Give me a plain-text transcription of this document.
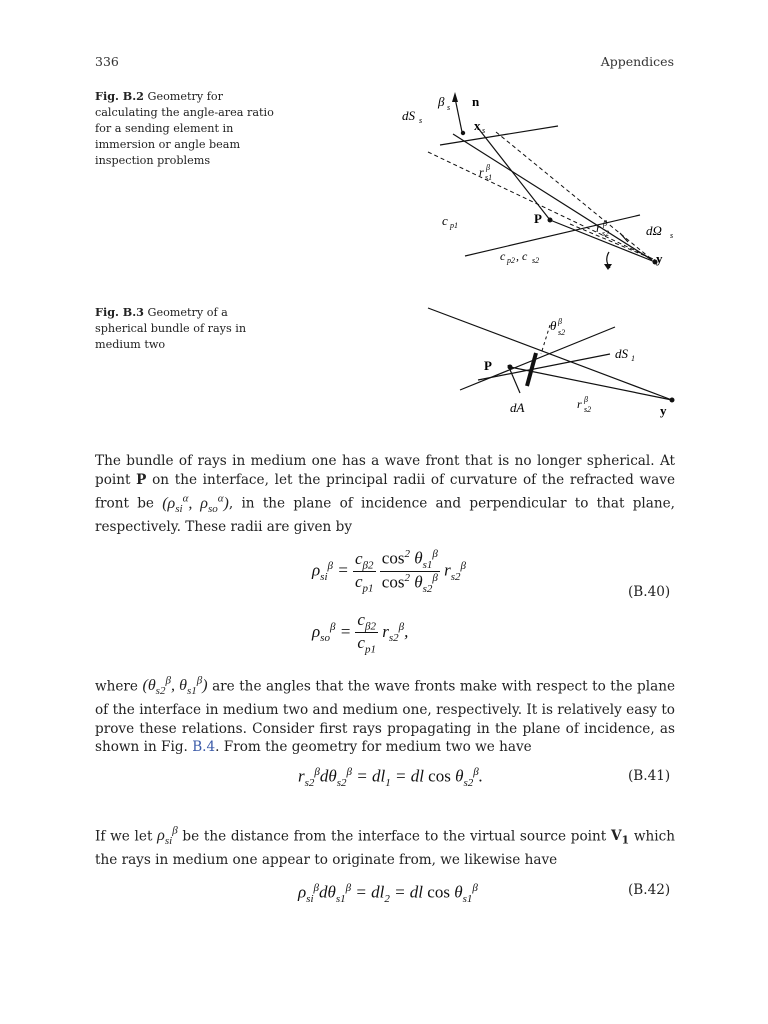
336	Appendices
Fig. B.2 Geometry for calculating the angle-area ratio for a sending element in immersion or angle beam inspection problems
β s n
dS s	x s
r β
s1
c p1	P
r β
s2	dΩ s
c p2 , c s2	y
Fig. B.3 Geometry of a spherical bundle of rays in medium two
θ β
s2
dS 1
P
dA	r β
s2	y

The bundle of rays in medium one has a wave front that is no longer spherical. At point P on the interface, let the principal radii of curvature of the refracted wave front be ($\rho_{si}^\alpha$, $\rho_{so}^\alpha$), in the plane of incidence and perpendicular to that plane, respectively. These radii are given by

$\rho_{si}^\beta = \frac{c_{\beta 2}}{c_{p1}}$
$\frac{\cos^2 \theta_{s1}^\beta}{\cos^2 \theta_{s2}^\beta} r_{s2}^\beta$
$\rho_{so}^\beta = \frac{c_{\beta 2}}{c_{p1}} r_{s2}^\beta$,
(B.40)

where ($\theta_{s2}^\beta$, $\theta_{s1}^\beta$) are the angles that the wave fronts make with respect to the plane of the interface in medium two and medium one, respectively. It is relatively easy to prove these relations. Consider first rays propagating in the plane of incidence, as shown in Fig. B.4. From the geometry for medium two we have

$r_{s2}^\beta d\theta_{s2}^\beta = dl_1$ = dl $\cos \theta_{s2}^\beta$.	(B.41)

If we let $\rho_{si}^\beta$ be the distance from the interface to the virtual source point $V_1$ which the rays in medium one appear to originate from, we likewise have

$\rho_{si}^\beta d\theta_{s1}^\beta = dl_2$ = dl $\cos \theta_{s1}^\beta$	(B.42)
